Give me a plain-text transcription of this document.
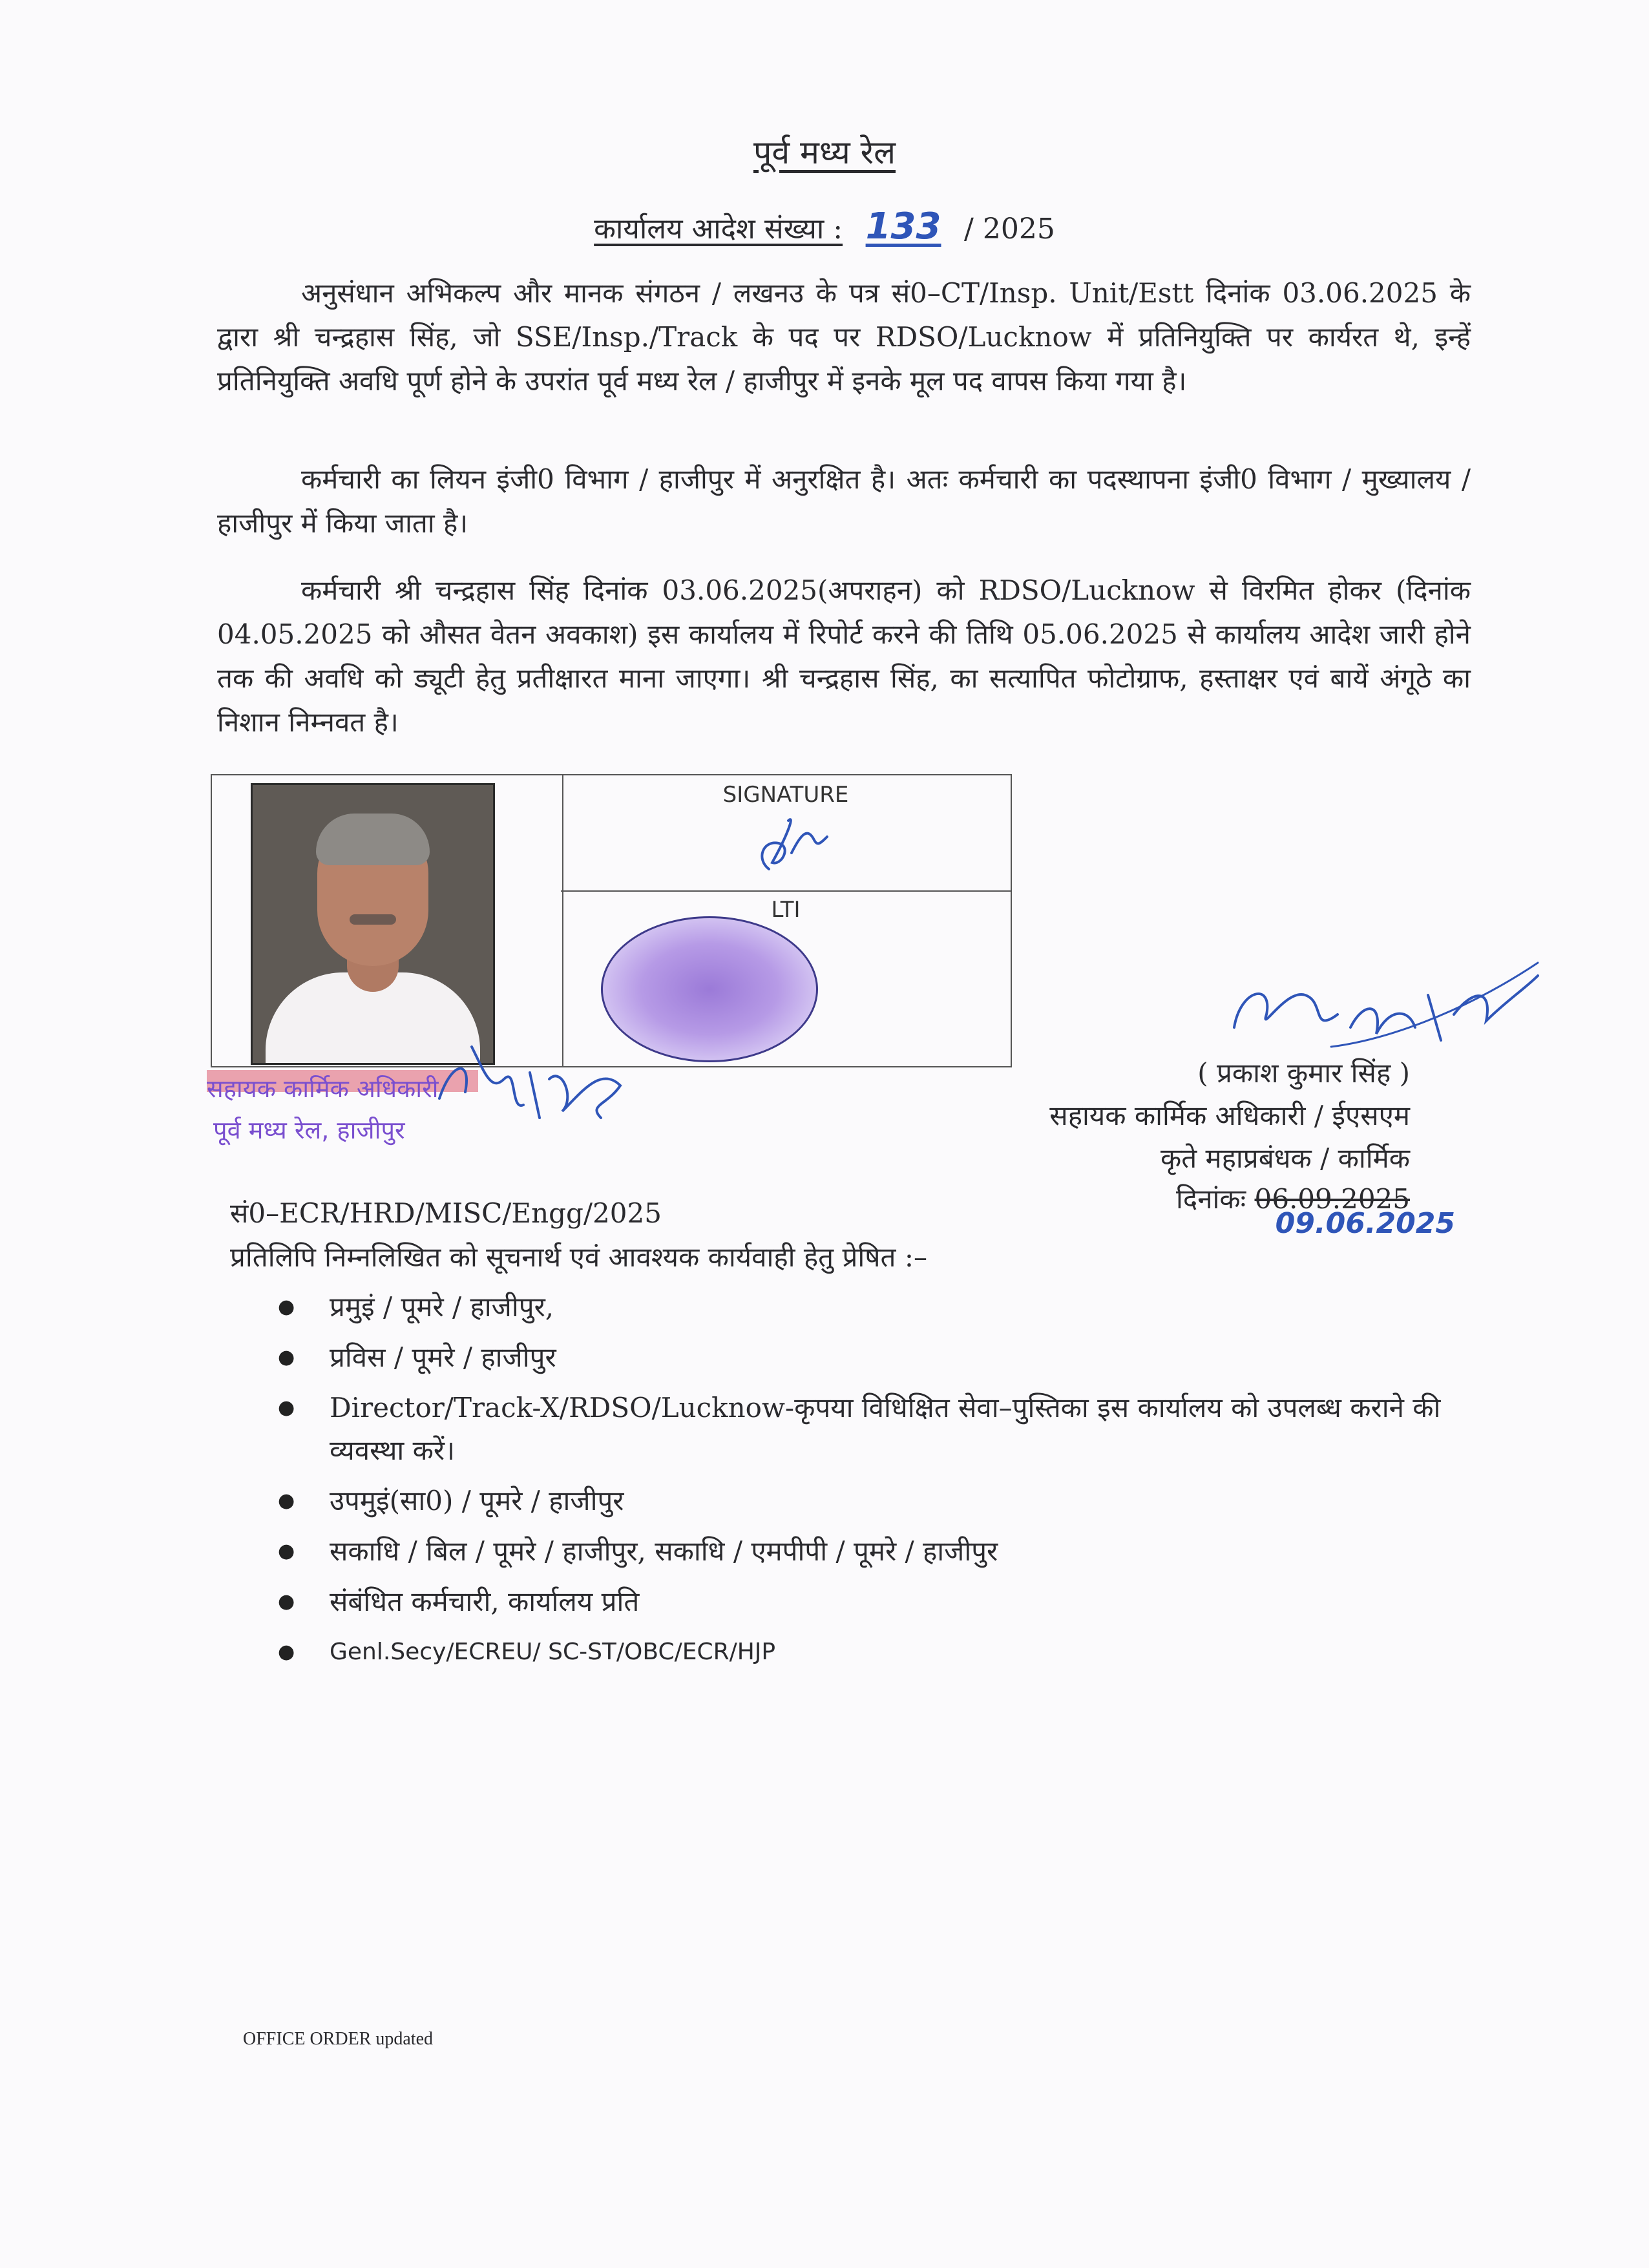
पूर्व मध्य रेल
कार्यालय आदेश संख्या : 133 / 2025
अनुसंधान अभिकल्प और मानक संगठन / लखनउ के पत्र सं0–CT/Insp. Unit/Estt दिनांक 03.06.2025 के द्वारा श्री चन्द्रहास सिंह, जो SSE/Insp./Track के पद पर RDSO/Lucknow में प्रतिनियुक्ति पर कार्यरत थे, इन्हें प्रतिनियुक्ति अवधि पूर्ण होने के उपरांत पूर्व मध्य रेल / हाजीपुर में इनके मूल पद वापस किया गया है।
कर्मचारी का लियन इंजी0 विभाग / हाजीपुर में अनुरक्षित है। अतः कर्मचारी का पदस्थापना इंजी0 विभाग / मुख्यालय / हाजीपुर में किया जाता है।
कर्मचारी श्री चन्द्रहास सिंह दिनांक 03.06.2025(अपराहन) को RDSO/Lucknow से विरमित होकर (दिनांक 04.05.2025 को औसत वेतन अवकाश) इस कार्यालय में रिपोर्ट करने की तिथि 05.06.2025 से कार्यालय आदेश जारी होने तक की अवधि को ड्यूटी हेतु प्रतीक्षारत माना जाएगा। श्री चन्द्रहास सिंह, का सत्यापित फोटोग्राफ, हस्ताक्षर एवं बायें अंगूठे का निशान निम्नवत है।
SIGNATURE
LTI
सहायक कार्मिक अधिकारी
पूर्व मध्य रेल, हाजीपुर
( प्रकाश कुमार सिंह )
सहायक कार्मिक अधिकारी / ईएसएम
कृते महाप्रबंधक / कार्मिक
दिनांकः 06.09.2025
09.06.2025
सं0–ECR/HRD/MISC/Engg/2025
प्रतिलिपि निम्नलिखित को सूचनार्थ एवं आवश्यक कार्यवाही हेतु प्रेषित :–
● प्रमुइं / पूमरे / हाजीपुर,
● प्रविस / पूमरे / हाजीपुर
● Director/Track-X/RDSO/Lucknow-कृपया विधिक्षित सेवा–पुस्तिका इस कार्यालय को उपलब्ध कराने की व्यवस्था करें।
● उपमुइं(सा0) / पूमरे / हाजीपुर
● सकाधि / बिल / पूमरे / हाजीपुर, सकाधि / एमपीपी / पूमरे / हाजीपुर
● संबंधित कर्मचारी, कार्यालय प्रति
● Genl.Secy/ECREU/ SC-ST/OBC/ECR/HJP
OFFICE ORDER updated
